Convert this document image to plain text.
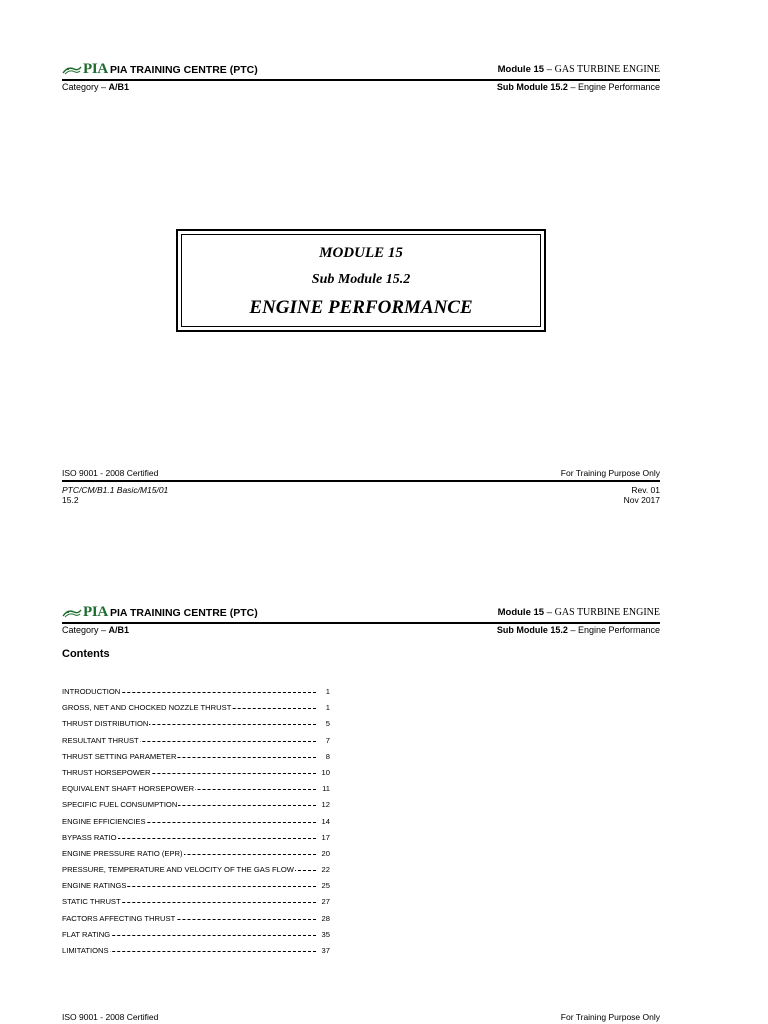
PIA PIA TRAINING CENTRE (PTC)	Module 15 – GAS TURBINE ENGINE
Category – A/B1	Sub Module 15.2 – Engine Performance
MODULE 15
Sub Module 15.2
ENGINE PERFORMANCE
ISO 9001 - 2008 Certified	For Training Purpose Only
PTC/CM/B1.1 Basic/M15/01
15.2
Rev. 01
Nov 2017
PIA PIA TRAINING CENTRE (PTC)	Module 15 – GAS TURBINE ENGINE
Category – A/B1	Sub Module 15.2 – Engine Performance
Contents
INTRODUCTION	1
GROSS, NET AND CHOCKED NOZZLE THRUST	1
THRUST DISTRIBUTION	5
RESULTANT THRUST	7
THRUST SETTING PARAMETER	8
THRUST HORSEPOWER	10
EQUIVALENT SHAFT HORSEPOWER	11
SPECIFIC FUEL CONSUMPTION	12
ENGINE EFFICIENCIES	14
BYPASS RATIO	17
ENGINE PRESSURE RATIO (EPR)	20
PRESSURE, TEMPERATURE AND VELOCITY OF THE GAS FLOW	22
ENGINE RATINGS	25
STATIC THRUST	27
FACTORS AFFECTING THRUST	28
FLAT RATING	35
LIMITATIONS	37
ISO 9001 - 2008 Certified	For Training Purpose Only
